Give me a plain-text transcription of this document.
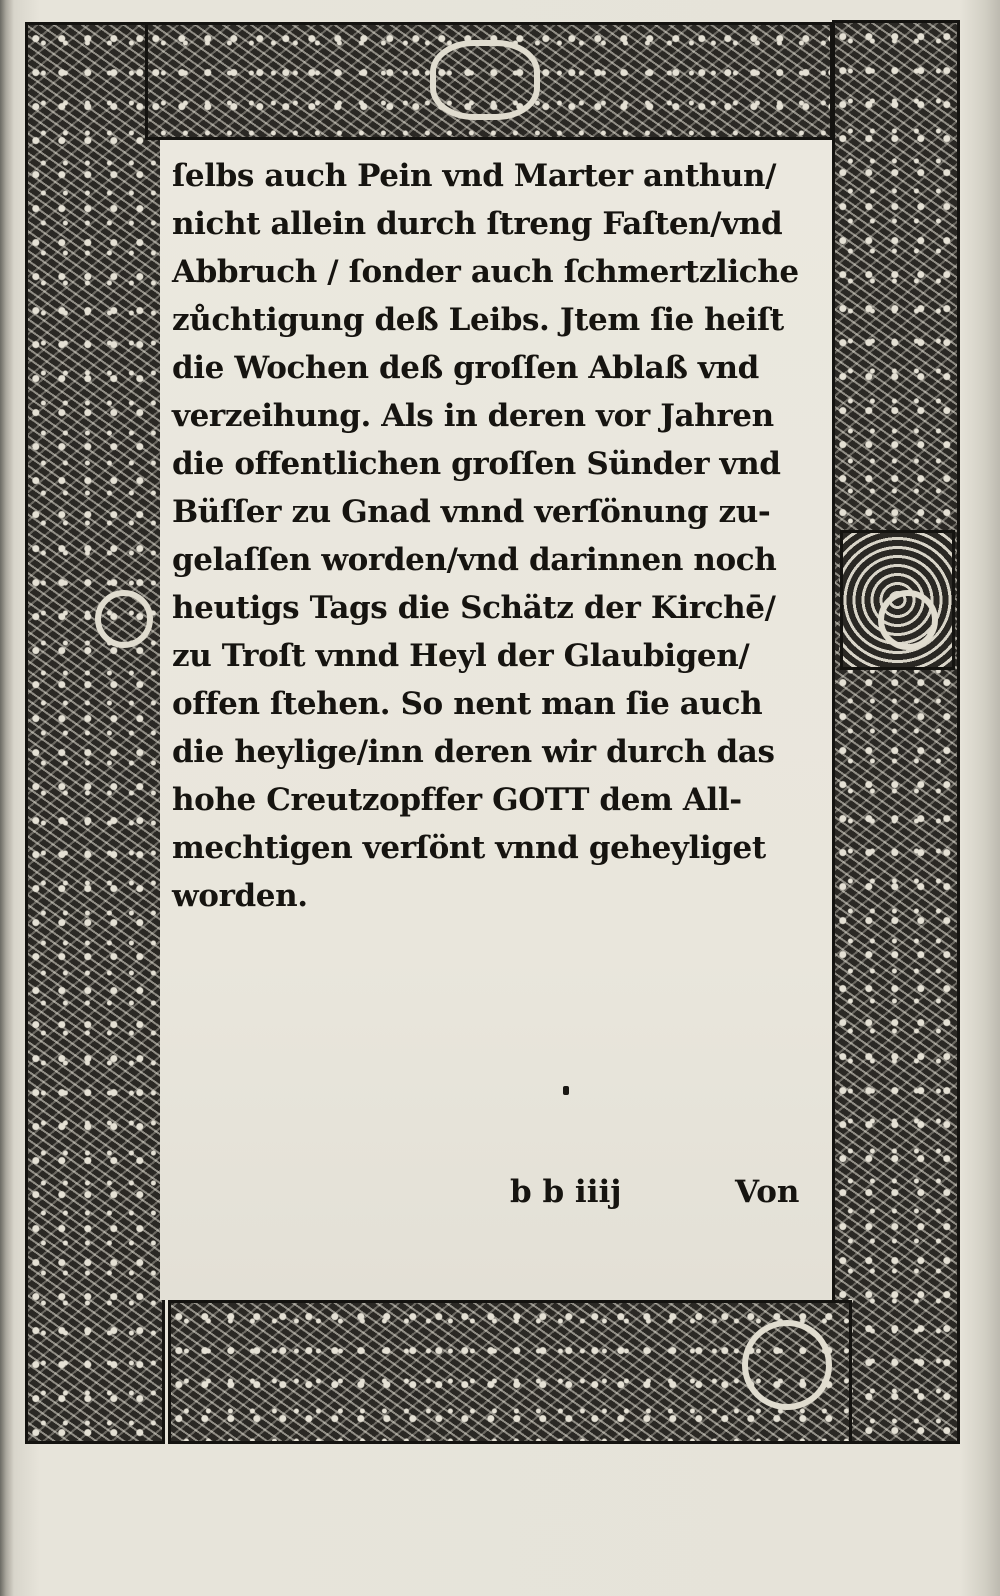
ſelbs auch Pein vnd Marter anthun/
nicht allein durch ſtreng Faſten/vnd
Abbruch / ſonder auch ſchmertzliche
zůchtigung deß Leibs. Jtem ſie heiſt
die Wochen deß groſſen Ablaß vnd
verzeihung. Als in deren vor Jahren
die offentlichen groſſen Sünder vnd
Büſſer zu Gnad vnnd verſönung zu-
gelaſſen worden/vnd darinnen noch
heutigs Tags die Schätz der Kirchē/
zu Troſt vnnd Heyl der Glaubigen/
offen ſtehen. So nent man ſie auch
die heylige/inn deren wir durch das
hohe Creutzopffer GOTT dem All-
mechtigen verſönt vnnd geheyliget
worden.
b b iiij	Von
